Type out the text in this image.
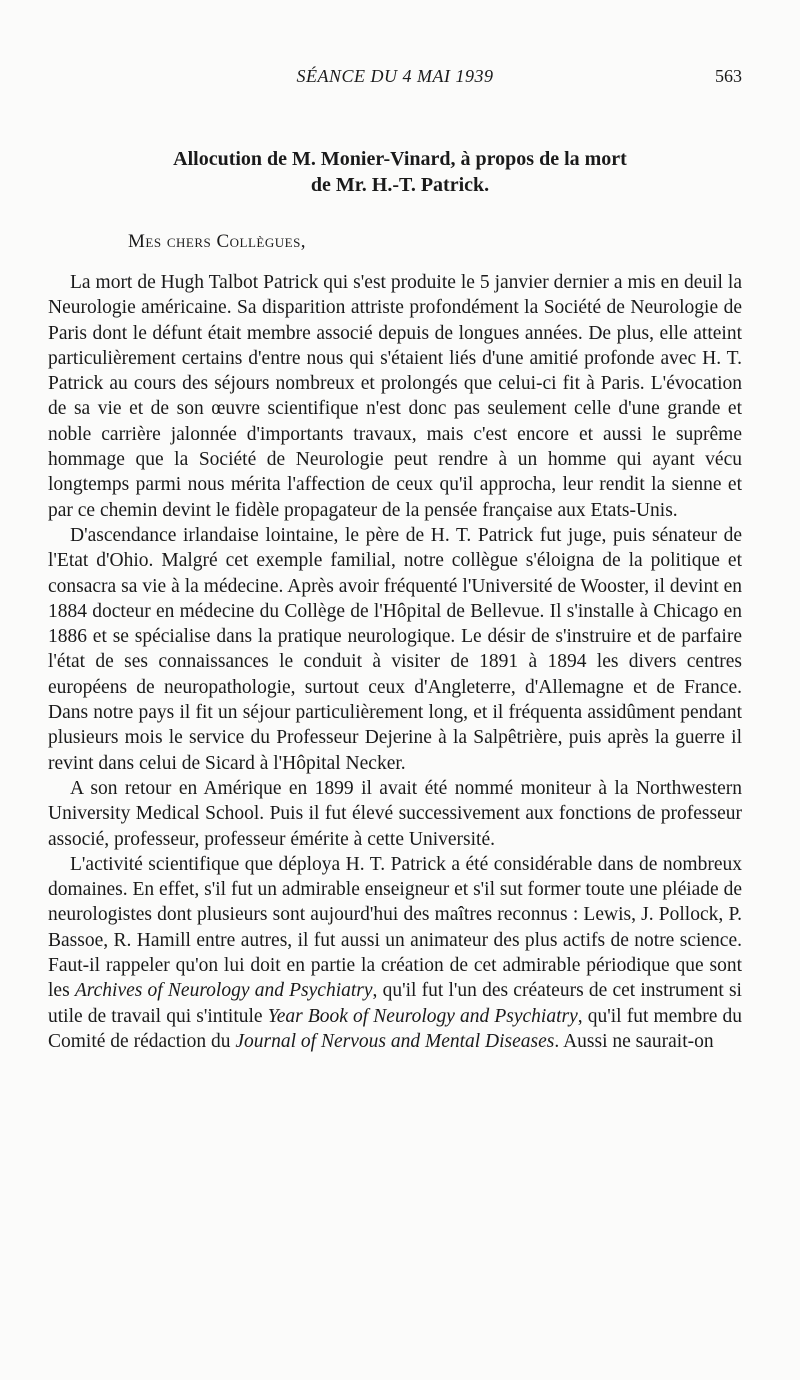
SÉANCE DU 4 MAI 1939	563
Allocution de M. Monier-Vinard, à propos de la mort
de Mr. H.-T. Patrick.
Mes chers Collègues,

La mort de Hugh Talbot Patrick qui s'est produite le 5 janvier dernier a mis en deuil la Neurologie américaine. Sa disparition attriste profondément la Société de Neurologie de Paris dont le défunt était membre associé depuis de longues années. De plus, elle atteint particulièrement certains d'entre nous qui s'étaient liés d'une amitié profonde avec H. T. Patrick au cours des séjours nombreux et prolongés que celui-ci fit à Paris. L'évocation de sa vie et de son œuvre scientifique n'est donc pas seulement celle d'une grande et noble carrière jalonnée d'importants travaux, mais c'est encore et aussi le suprême hommage que la Société de Neurologie peut rendre à un homme qui ayant vécu longtemps parmi nous mérita l'affection de ceux qu'il approcha, leur rendit la sienne et par ce chemin devint le fidèle propagateur de la pensée française aux Etats-Unis.

D'ascendance irlandaise lointaine, le père de H. T. Patrick fut juge, puis sénateur de l'Etat d'Ohio. Malgré cet exemple familial, notre collègue s'éloigna de la politique et consacra sa vie à la médecine. Après avoir fréquenté l'Université de Wooster, il devint en 1884 docteur en médecine du Collège de l'Hôpital de Bellevue. Il s'installe à Chicago en 1886 et se spécialise dans la pratique neurologique. Le désir de s'instruire et de parfaire l'état de ses connaissances le conduit à visiter de 1891 à 1894 les divers centres européens de neuropathologie, surtout ceux d'Angleterre, d'Allemagne et de France. Dans notre pays il fit un séjour particulièrement long, et il fréquenta assidûment pendant plusieurs mois le service du Professeur Dejerine à la Salpêtrière, puis après la guerre il revint dans celui de Sicard à l'Hôpital Necker.

A son retour en Amérique en 1899 il avait été nommé moniteur à la Northwestern University Medical School. Puis il fut élevé successivement aux fonctions de professeur associé, professeur, professeur émérite à cette Université.

L'activité scientifique que déploya H. T. Patrick a été considérable dans de nombreux domaines. En effet, s'il fut un admirable enseigneur et s'il sut former toute une pléiade de neurologistes dont plusieurs sont aujourd'hui des maîtres reconnus : Lewis, J. Pollock, P. Bassoe, R. Hamill entre autres, il fut aussi un animateur des plus actifs de notre science. Faut-il rappeler qu'on lui doit en partie la création de cet admirable périodique que sont les Archives of Neurology and Psychiatry, qu'il fut l'un des créateurs de cet instrument si utile de travail qui s'intitule Year Book of Neurology and Psychiatry, qu'il fut membre du Comité de rédaction du Journal of Nervous and Mental Diseases. Aussi ne saurait-on
